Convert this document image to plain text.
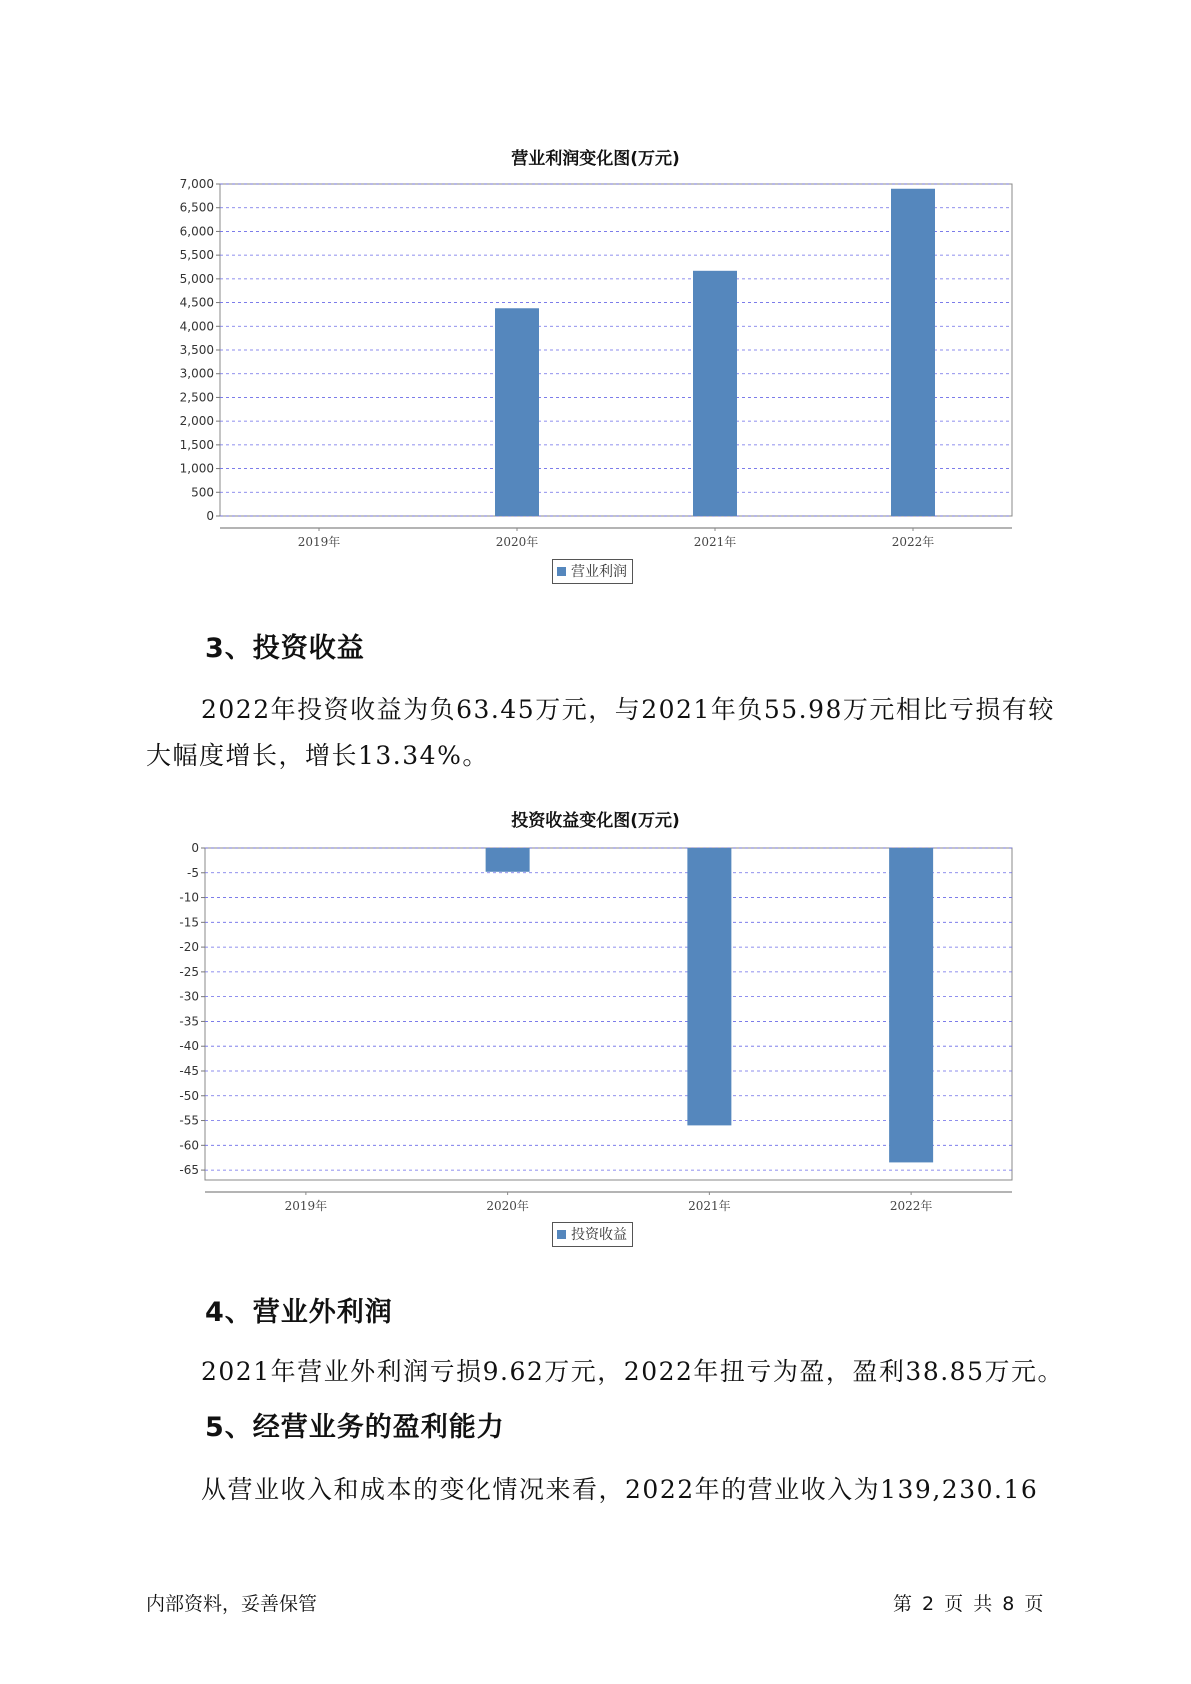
营业利润变化图(万元)
0
500
1,000
1,500
2,000
2,500
3,000
3,500
4,000
4,500
5,000
5,500
6,000
6,500
7,000
2019年	2020年	2021年	2022年
营业利润
3、投资收益
2022年投资收益为负63.45万元，与2021年负55.98万元相比亏损有较
大幅度增长，增长13.34%。
投资收益变化图(万元)
0
-5
-10
-15
-20
-25
-30
-35
-40
-45
-50
-55
-60
-65
2019年	2020年	2021年	2022年
投资收益
4、营业外利润
2021年营业外利润亏损9.62万元，2022年扭亏为盈，盈利38.85万元。
5、经营业务的盈利能力
从营业收入和成本的变化情况来看，2022年的营业收入为139,230.16
内部资料，妥善保管	第 2 页 共 8 页
